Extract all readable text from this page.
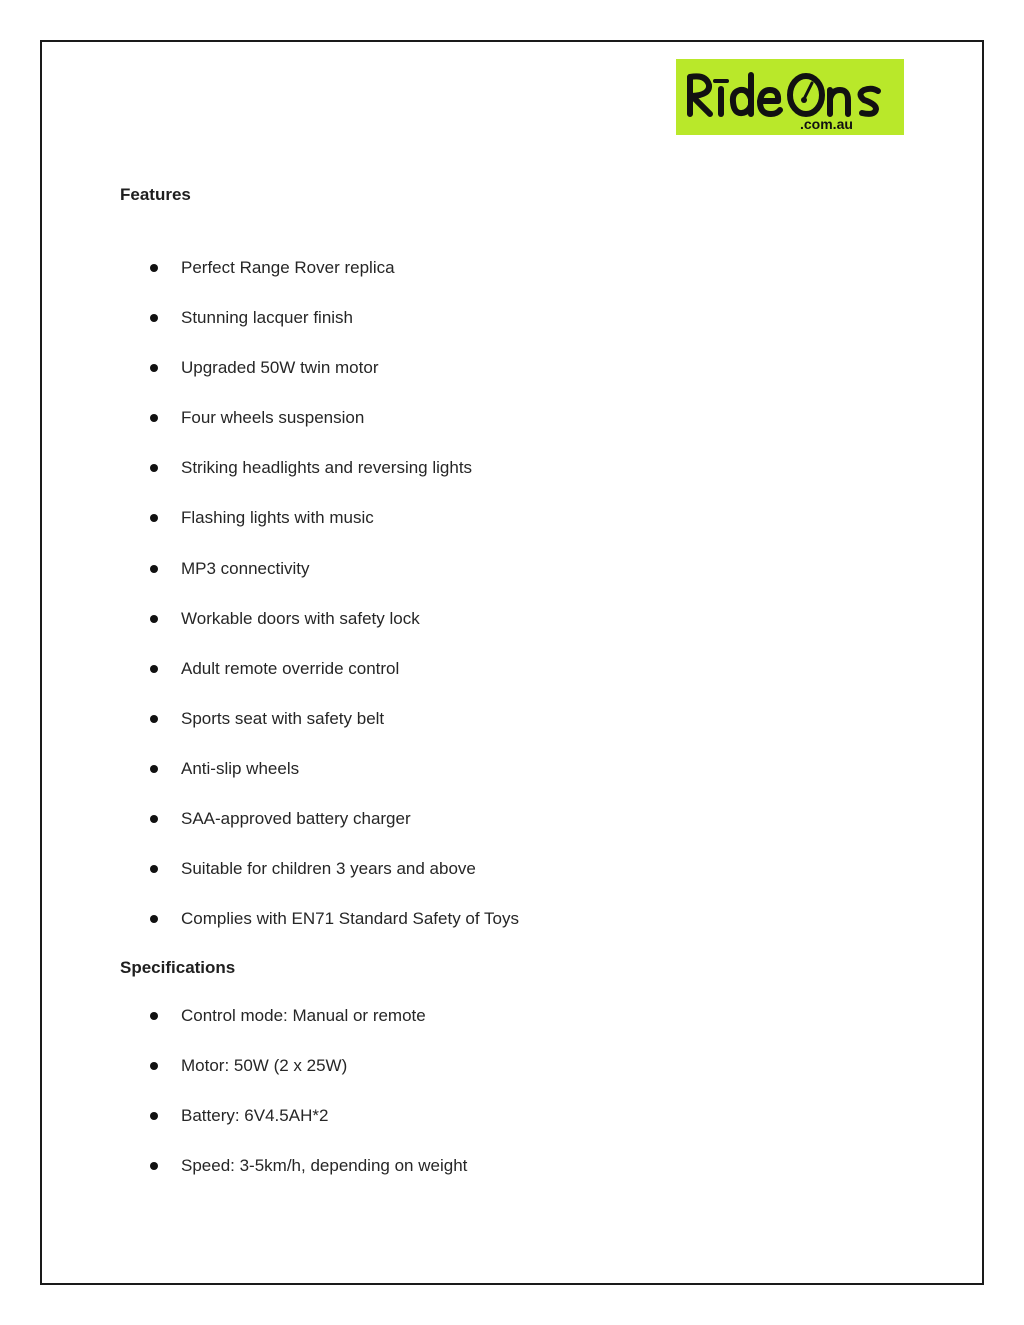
.com.au
Features
Perfect Range Rover replica
Stunning lacquer finish
Upgraded 50W twin motor
Four wheels suspension
Striking headlights and reversing lights
Flashing lights with music
MP3 connectivity
Workable doors with safety lock
Adult remote override control
Sports seat with safety belt
Anti-slip wheels
SAA-approved battery charger
Suitable for children 3 years and above
Complies with EN71 Standard Safety of Toys
Specifications
Control mode: Manual or remote
Motor: 50W (2 x 25W)
Battery: 6V4.5AH*2
Speed: 3-5km/h, depending on weight
